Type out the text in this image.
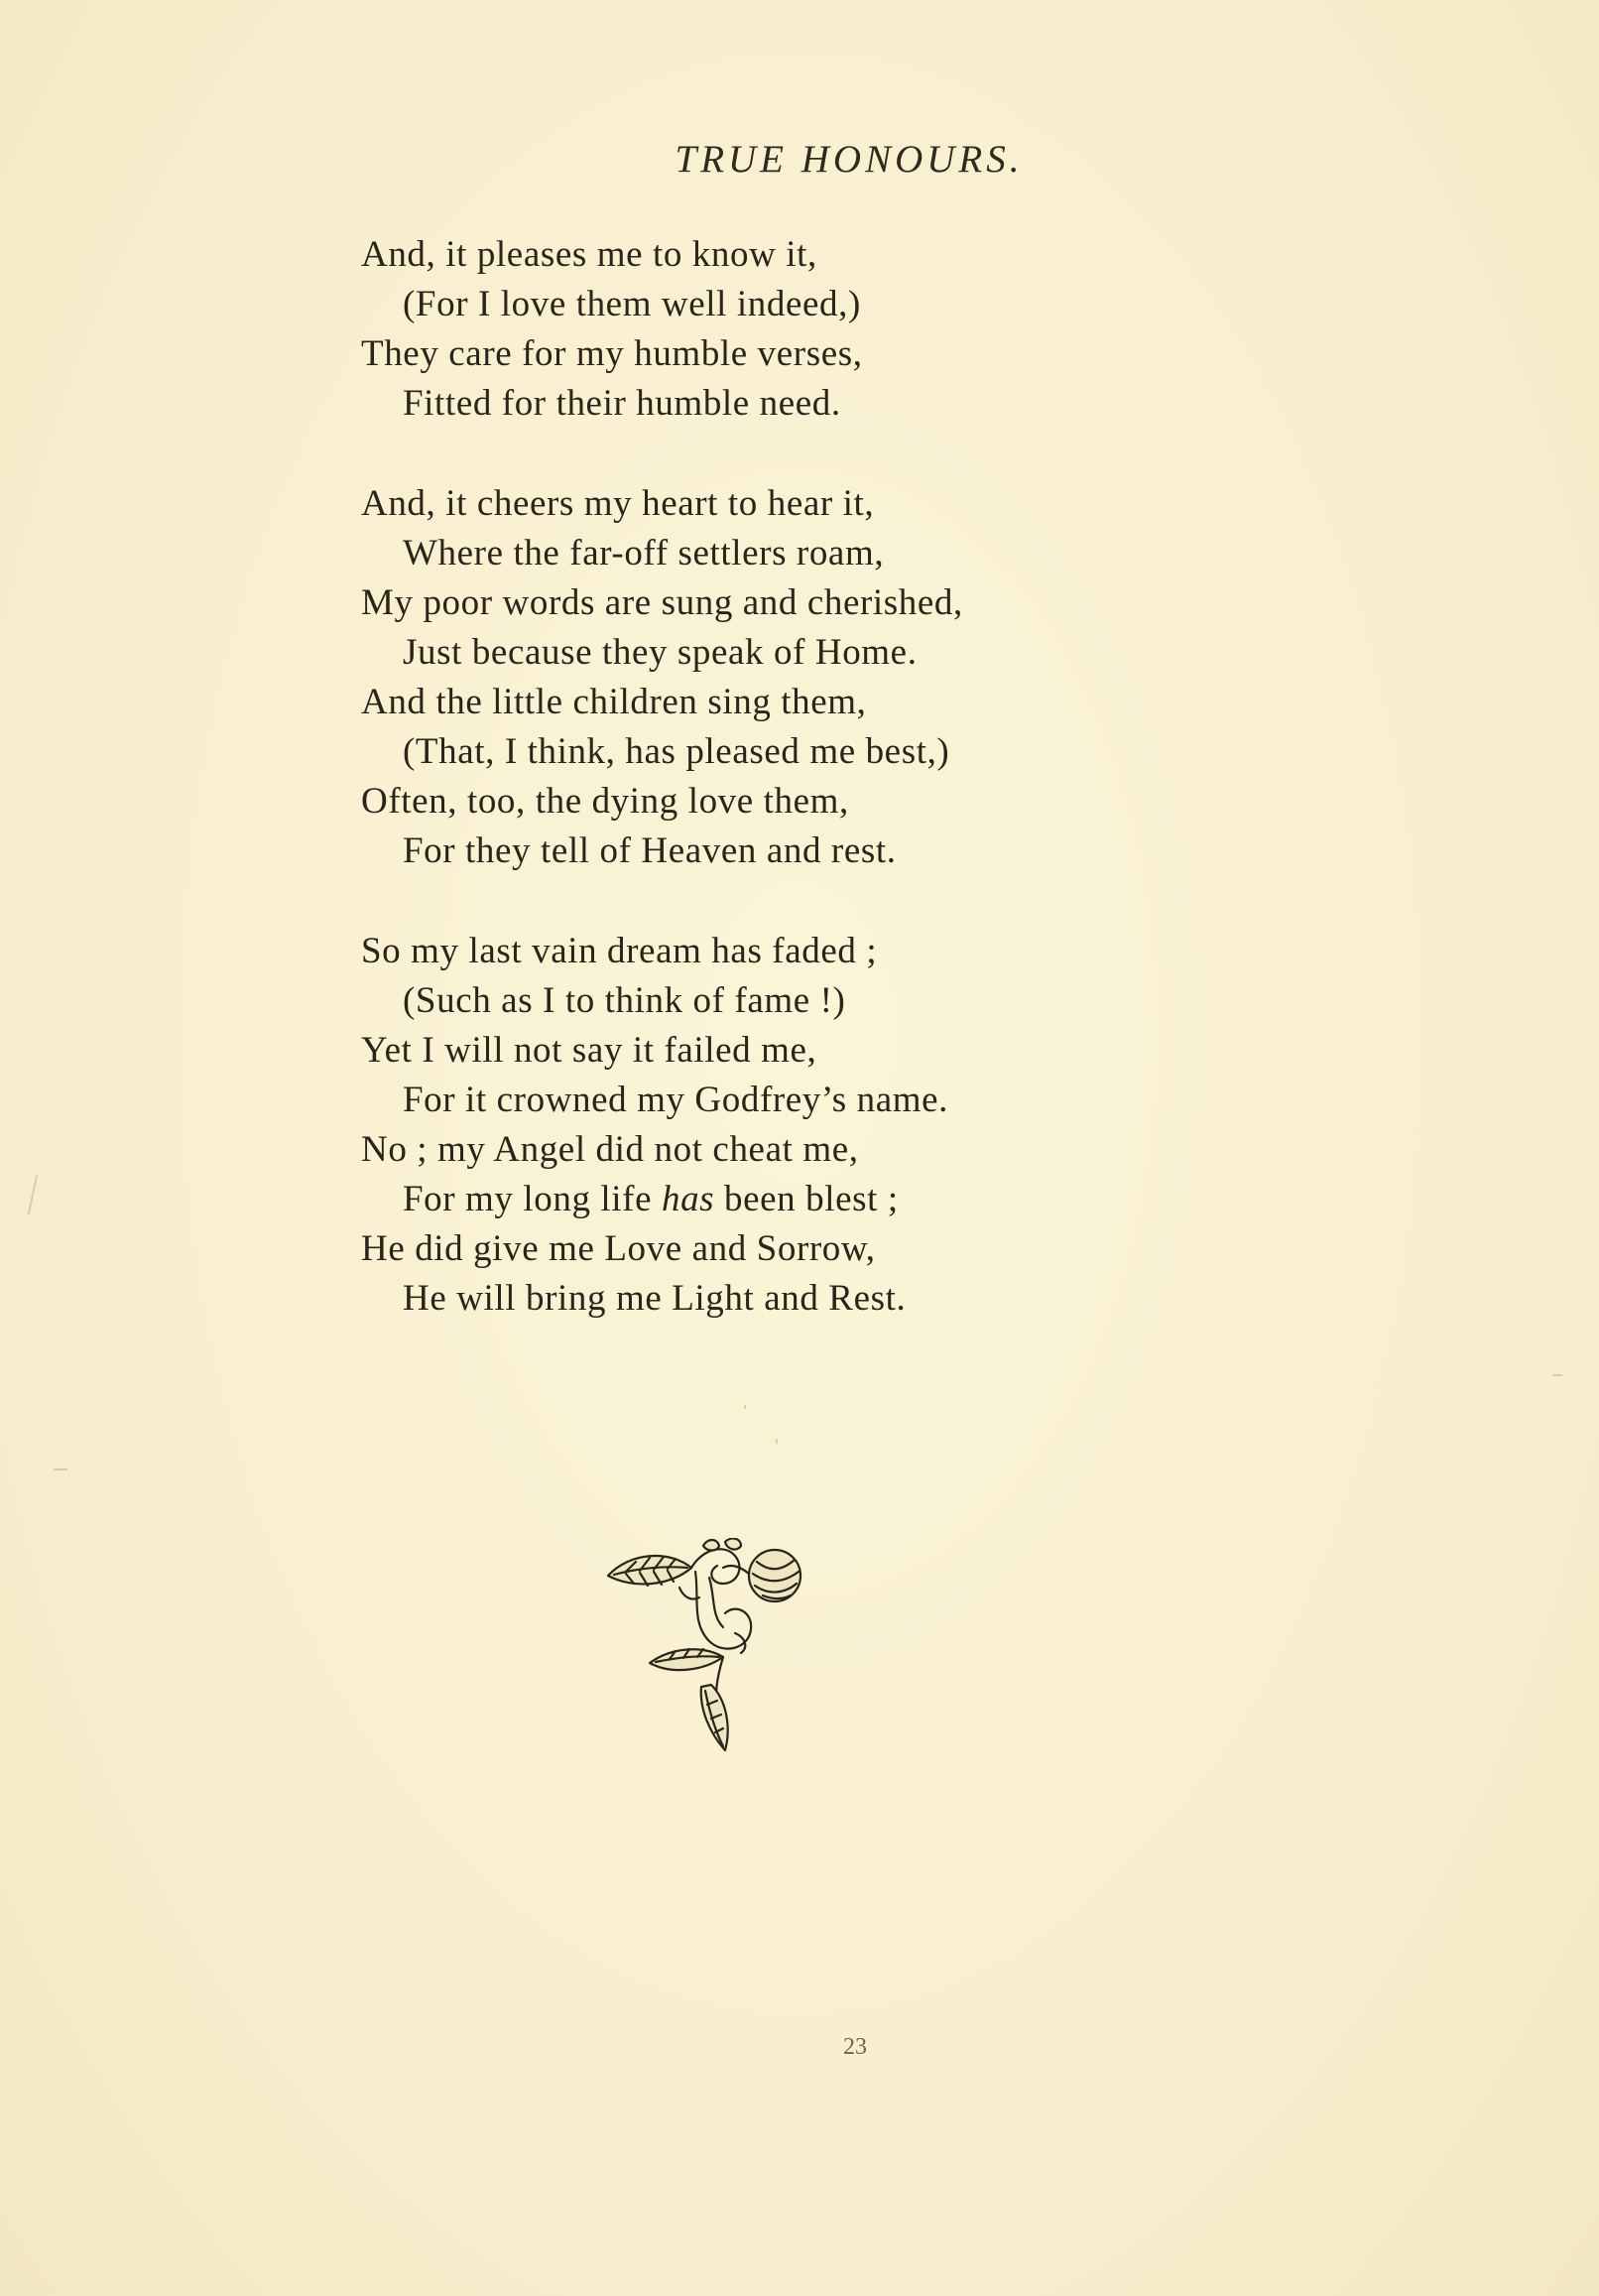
TRUE HONOURS.
And, it pleases me to know it,
(For I love them well indeed,)
They care for my humble verses,
Fitted for their humble need.
And, it cheers my heart to hear it,
Where the far-off settlers roam,
My poor words are sung and cherished,
Just because they speak of Home.
And the little children sing them,
(That, I think, has pleased me best,)
Often, too, the dying love them,
For they tell of Heaven and rest.
So my last vain dream has faded ;
(Such as I to think of fame !)
Yet I will not say it failed me,
For it crowned my Godfrey’s name.
No ; my Angel did not cheat me,
For my long life has been blest ;
He did give me Love and Sorrow,
He will bring me Light and Rest.
23
